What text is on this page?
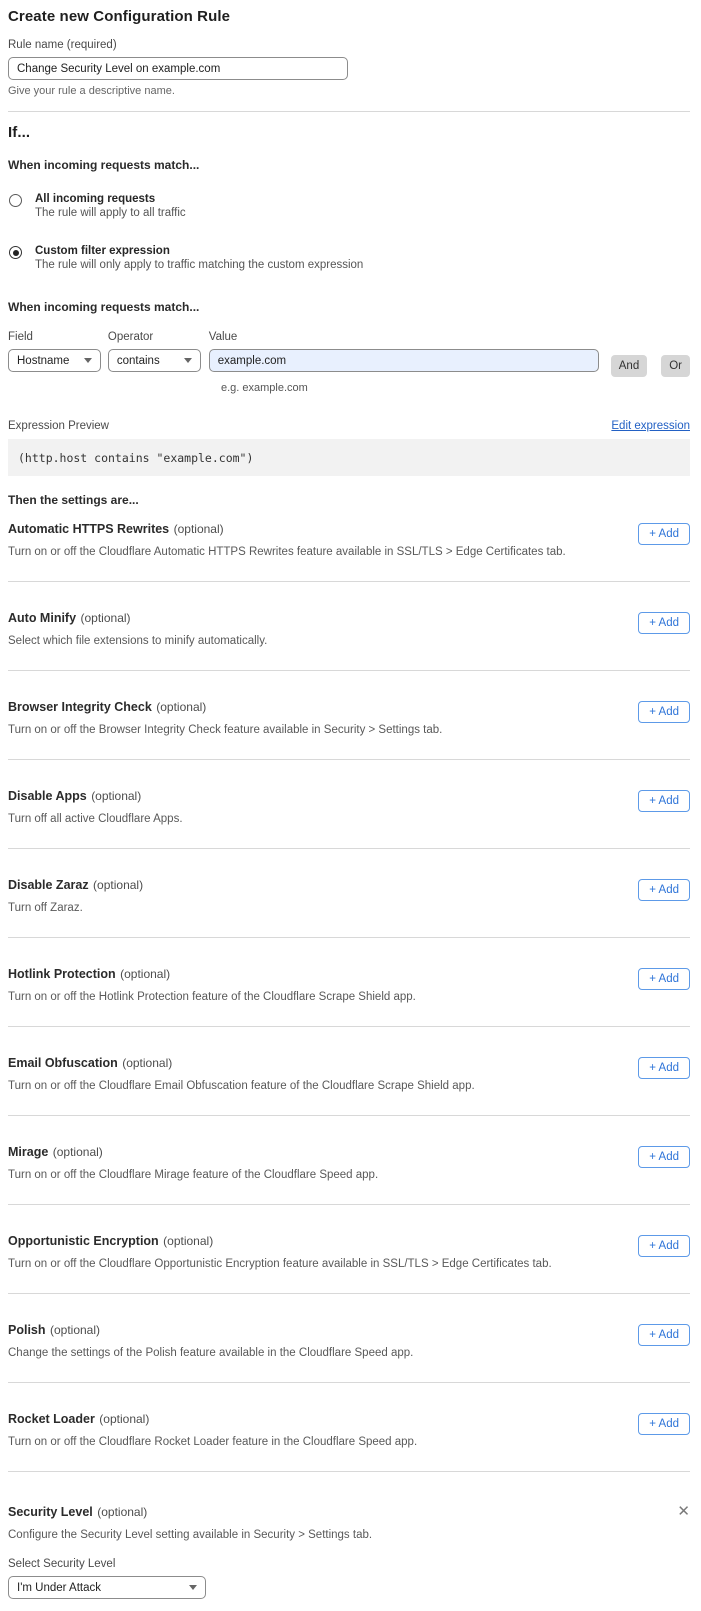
Create new Configuration Rule
Rule name (required)
Change Security Level on example.com
Give your rule a descriptive name.
If...
When incoming requests match...
All incoming requests
The rule will apply to all traffic
Custom filter expression
The rule will only apply to traffic matching the custom expression
When incoming requests match...
Field
Hostname
Operator
contains
Value
example.com
And	Or
e.g. example.com
Expression Preview	Edit expression
(http.host contains "example.com")
Then the settings are...
Automatic HTTPS Rewrites (optional)
Turn on or off the Cloudflare Automatic HTTPS Rewrites feature available in SSL/TLS > Edge Certificates tab.
+ Add
Auto Minify (optional)
Select which file extensions to minify automatically.
+ Add
Browser Integrity Check (optional)
Turn on or off the Browser Integrity Check feature available in Security > Settings tab.
+ Add
Disable Apps (optional)
Turn off all active Cloudflare Apps.
+ Add
Disable Zaraz (optional)
Turn off Zaraz.
+ Add
Hotlink Protection (optional)
Turn on or off the Hotlink Protection feature of the Cloudflare Scrape Shield app.
+ Add
Email Obfuscation (optional)
Turn on or off the Cloudflare Email Obfuscation feature of the Cloudflare Scrape Shield app.
+ Add
Mirage (optional)
Turn on or off the Cloudflare Mirage feature of the Cloudflare Speed app.
+ Add
Opportunistic Encryption (optional)
Turn on or off the Cloudflare Opportunistic Encryption feature available in SSL/TLS > Edge Certificates tab.
+ Add
Polish (optional)
Change the settings of the Polish feature available in the Cloudflare Speed app.
+ Add
Rocket Loader (optional)
Turn on or off the Cloudflare Rocket Loader feature in the Cloudflare Speed app.
+ Add
Security Level (optional)	✕
Configure the Security Level setting available in Security > Settings tab.
Select Security Level
I'm Under Attack
